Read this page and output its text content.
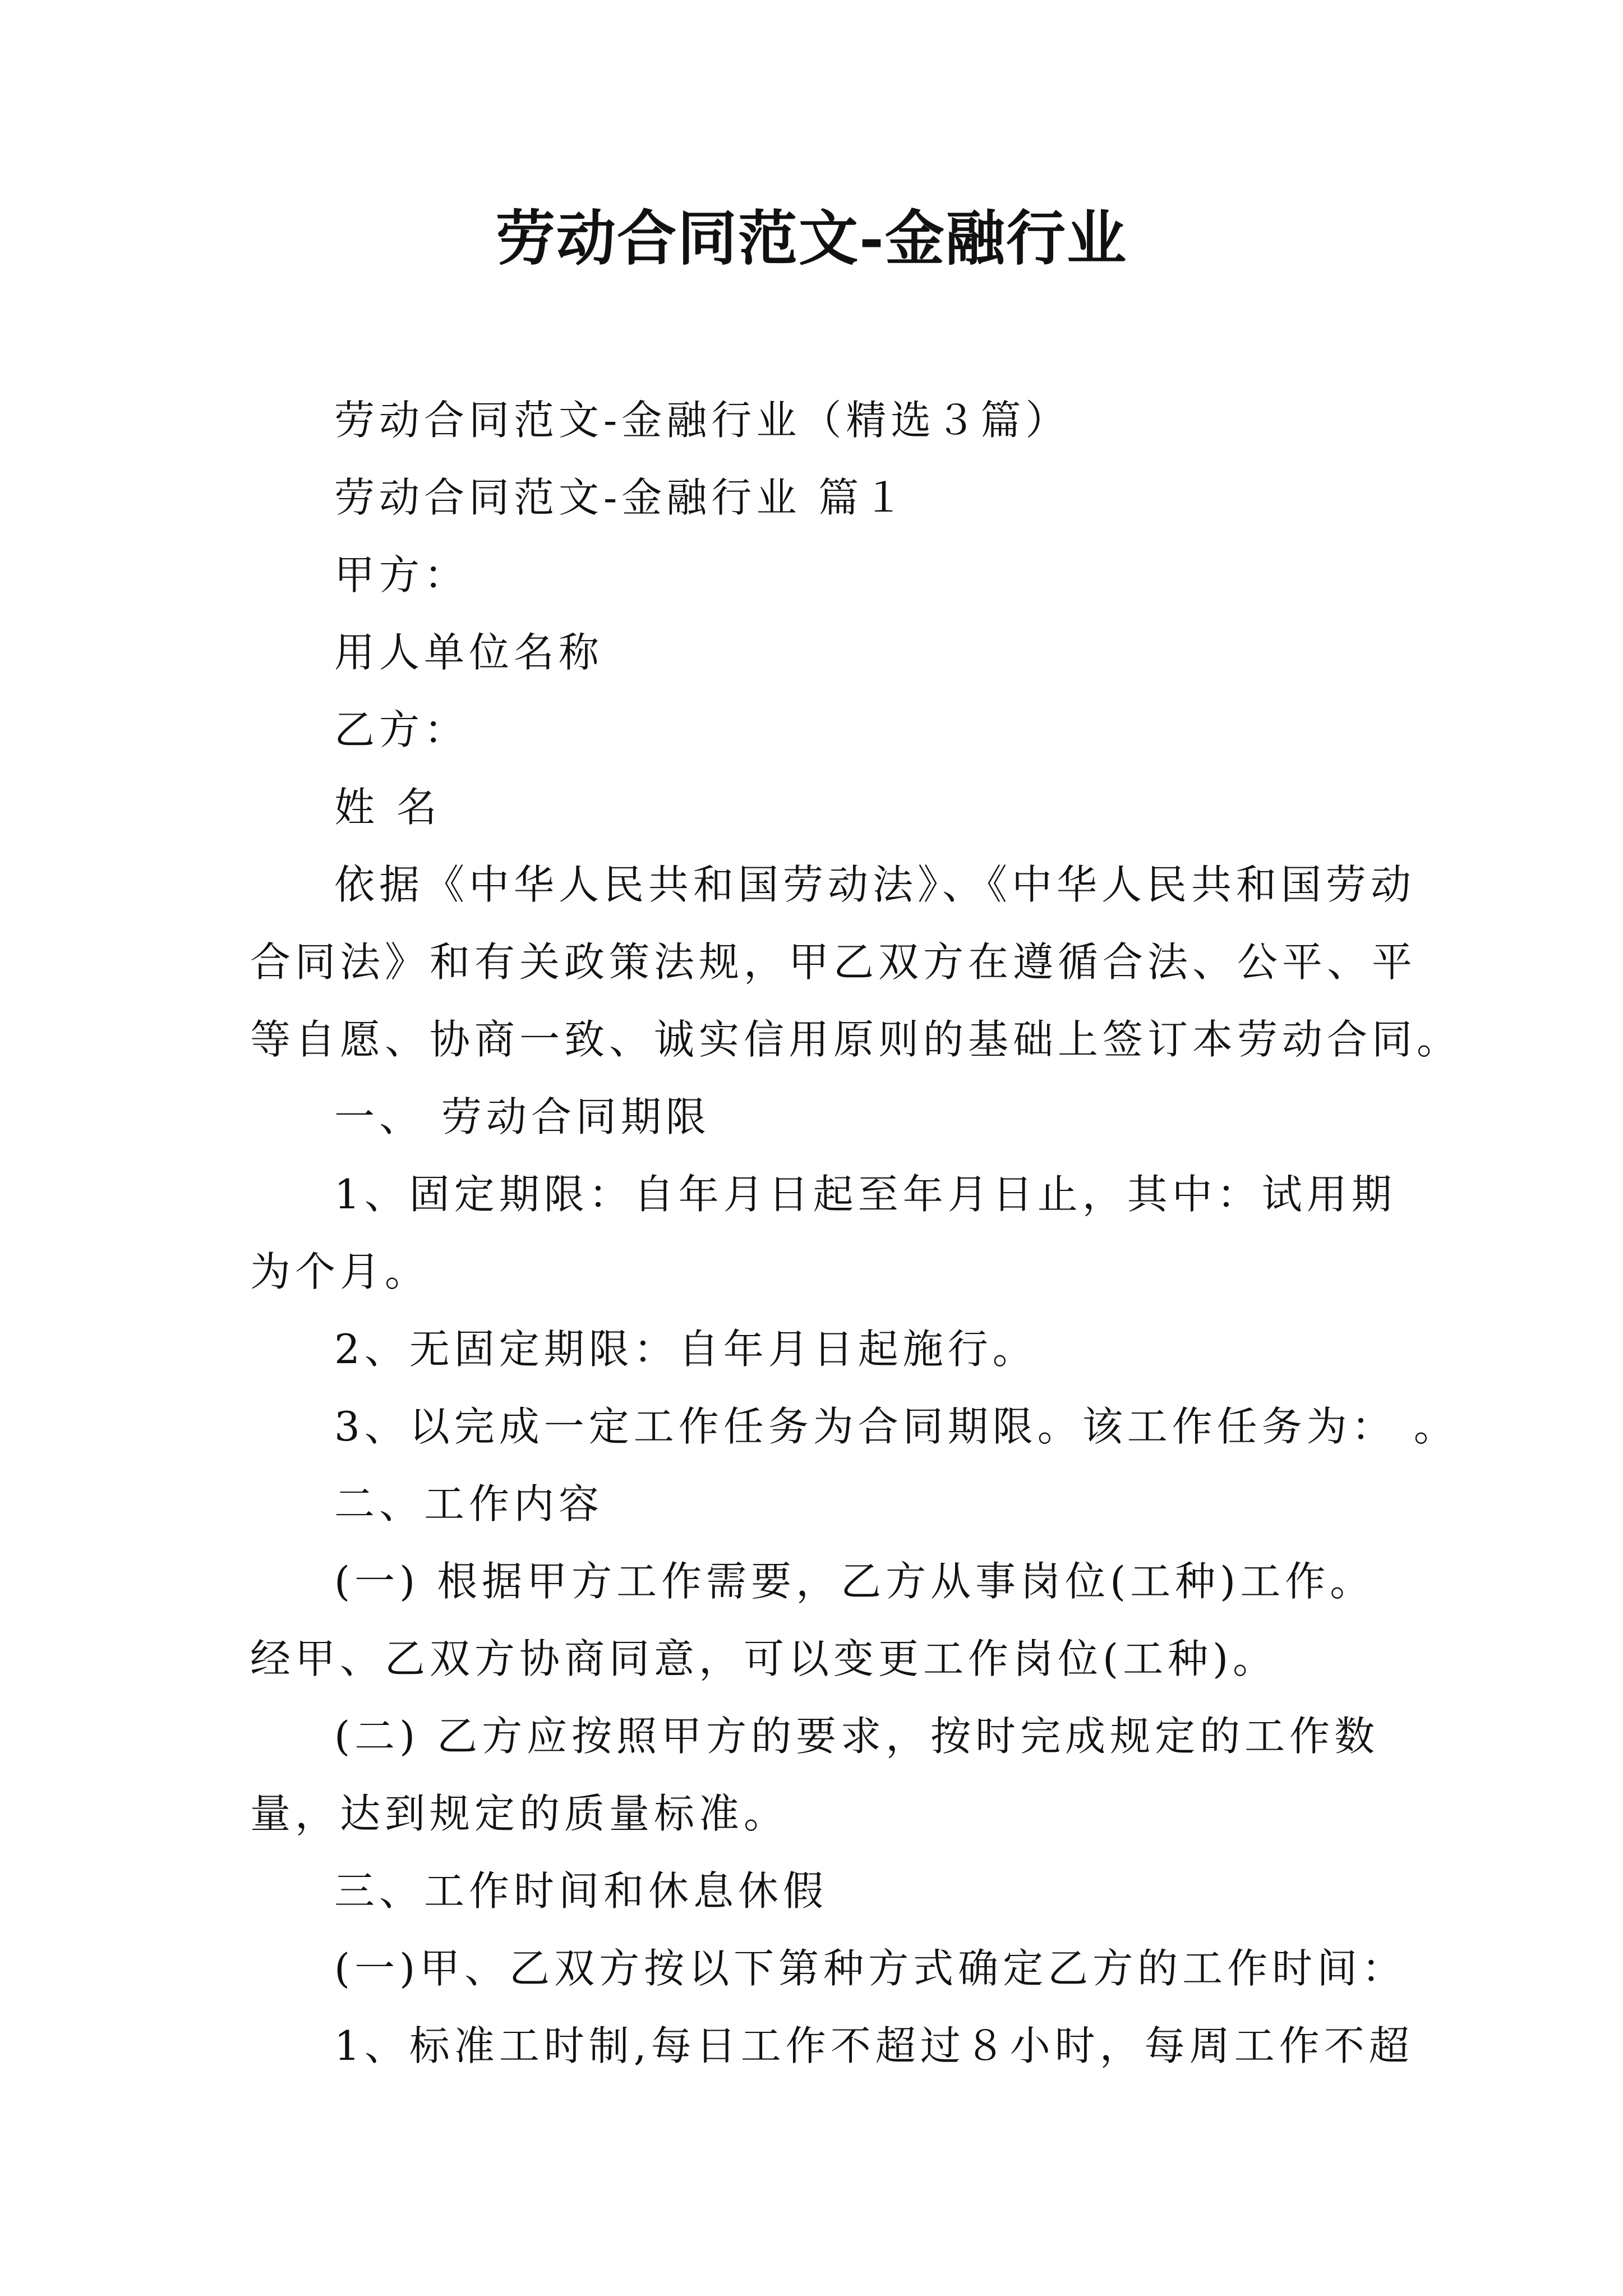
劳动合同范文-金融行业
劳动合同范文-金融行业（精选３篇）
劳动合同范文-金融行业 篇１
甲方：
用人单位名称
乙方：
姓 名
依据《中华人民共和国劳动法》、《中华人民共和国劳动
合同法》和有关政策法规，甲乙双方在遵循合法、公平、平
等自愿、协商一致、诚实信用原则的基础上签订本劳动合同。
一、 劳动合同期限
1、固定期限：自年月日起至年月日止，其中：试用期
为个月。
2、无固定期限：自年月日起施行。
3、以完成一定工作任务为合同期限。该工作任务为： 。
二、工作内容
(一) 根据甲方工作需要，乙方从事岗位(工种)工作。
经甲、乙双方协商同意，可以变更工作岗位(工种)。
(二) 乙方应按照甲方的要求，按时完成规定的工作数
量，达到规定的质量标准。
三、工作时间和休息休假
(一)甲、乙双方按以下第种方式确定乙方的工作时间：
1、标准工时制,每日工作不超过８小时，每周工作不超
